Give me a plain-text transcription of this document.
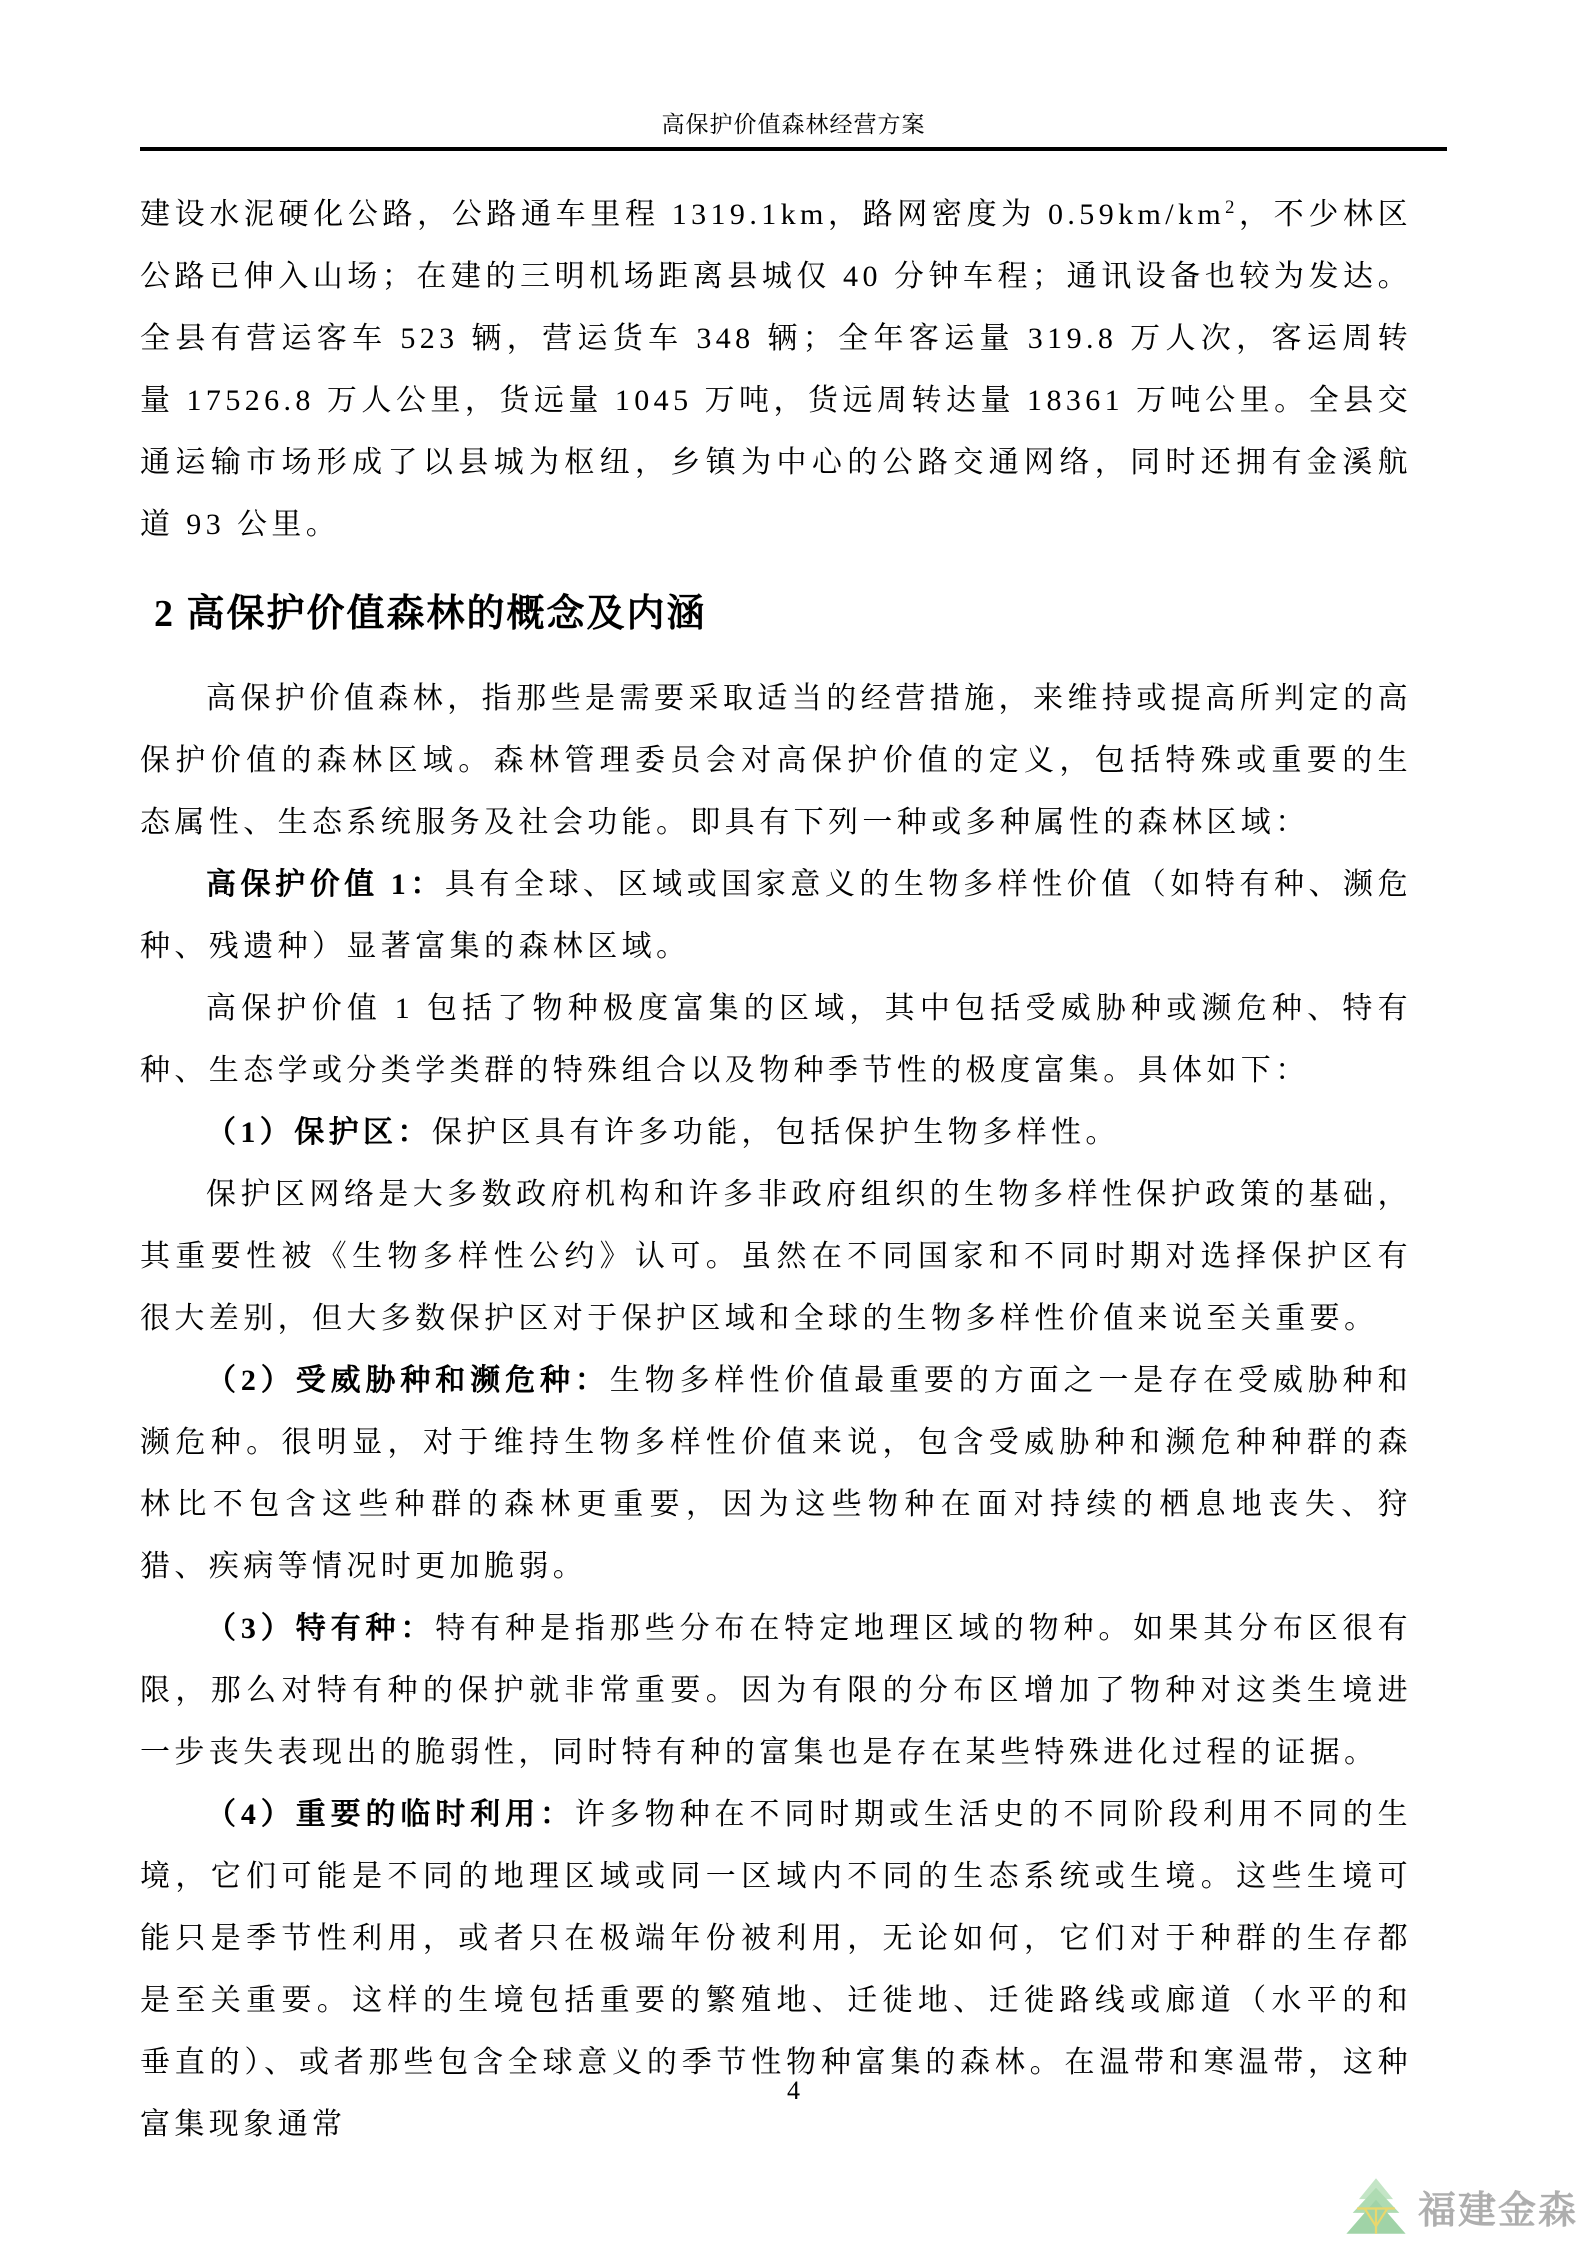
高保护价值森林经营方案

建设水泥硬化公路，公路通车里程 1319.1km，路网密度为 $0.59km/km^2$，不少林区公路已伸入山场；在建的三明机场距离县城仅 40 分钟车程；通讯设备也较为发达。全县有营运客车 523 辆，营运货车 348 辆；全年客运量 319.8 万人次，客运周转量 17526.8 万人公里，货远量 1045 万吨，货远周转达量 18361 万吨公里。全县交通运输市场形成了以县城为枢纽，乡镇为中心的公路交通网络，同时还拥有金溪航道 93 公里。

2 高保护价值森林的概念及内涵

高保护价值森林，指那些是需要采取适当的经营措施，来维持或提高所判定的高保护价值的森林区域。森林管理委员会对高保护价值的定义，包括特殊或重要的生态属性、生态系统服务及社会功能。即具有下列一种或多种属性的森林区域：

高保护价值 1：具有全球、区域或国家意义的生物多样性价值（如特有种、濒危种、残遗种）显著富集的森林区域。

高保护价值 1 包括了物种极度富集的区域，其中包括受威胁种或濒危种、特有种、生态学或分类学类群的特殊组合以及物种季节性的极度富集。具体如下：

（1）保护区：保护区具有许多功能，包括保护生物多样性。

保护区网络是大多数政府机构和许多非政府组织的生物多样性保护政策的基础，其重要性被《生物多样性公约》认可。虽然在不同国家和不同时期对选择保护区有很大差别，但大多数保护区对于保护区域和全球的生物多样性价值来说至关重要。

（2）受威胁种和濒危种：生物多样性价值最重要的方面之一是存在受威胁种和濒危种。很明显，对于维持生物多样性价值来说，包含受威胁种和濒危种种群的森林比不包含这些种群的森林更重要，因为这些物种在面对持续的栖息地丧失、狩猎、疾病等情况时更加脆弱。

（3）特有种：特有种是指那些分布在特定地理区域的物种。如果其分布区很有限，那么对特有种的保护就非常重要。因为有限的分布区增加了物种对这类生境进一步丧失表现出的脆弱性，同时特有种的富集也是存在某些特殊进化过程的证据。

（4）重要的临时利用：许多物种在不同时期或生活史的不同阶段利用不同的生境，它们可能是不同的地理区域或同一区域内不同的生态系统或生境。这些生境可能只是季节性利用，或者只在极端年份被利用，无论如何，它们对于种群的生存都是至关重要。这样的生境包括重要的繁殖地、迁徙地、迁徙路线或廊道（水平的和垂直的）、或者那些包含全球意义的季节性物种富集的森林。在温带和寒温带，这种富集现象通常

4
福建金森
